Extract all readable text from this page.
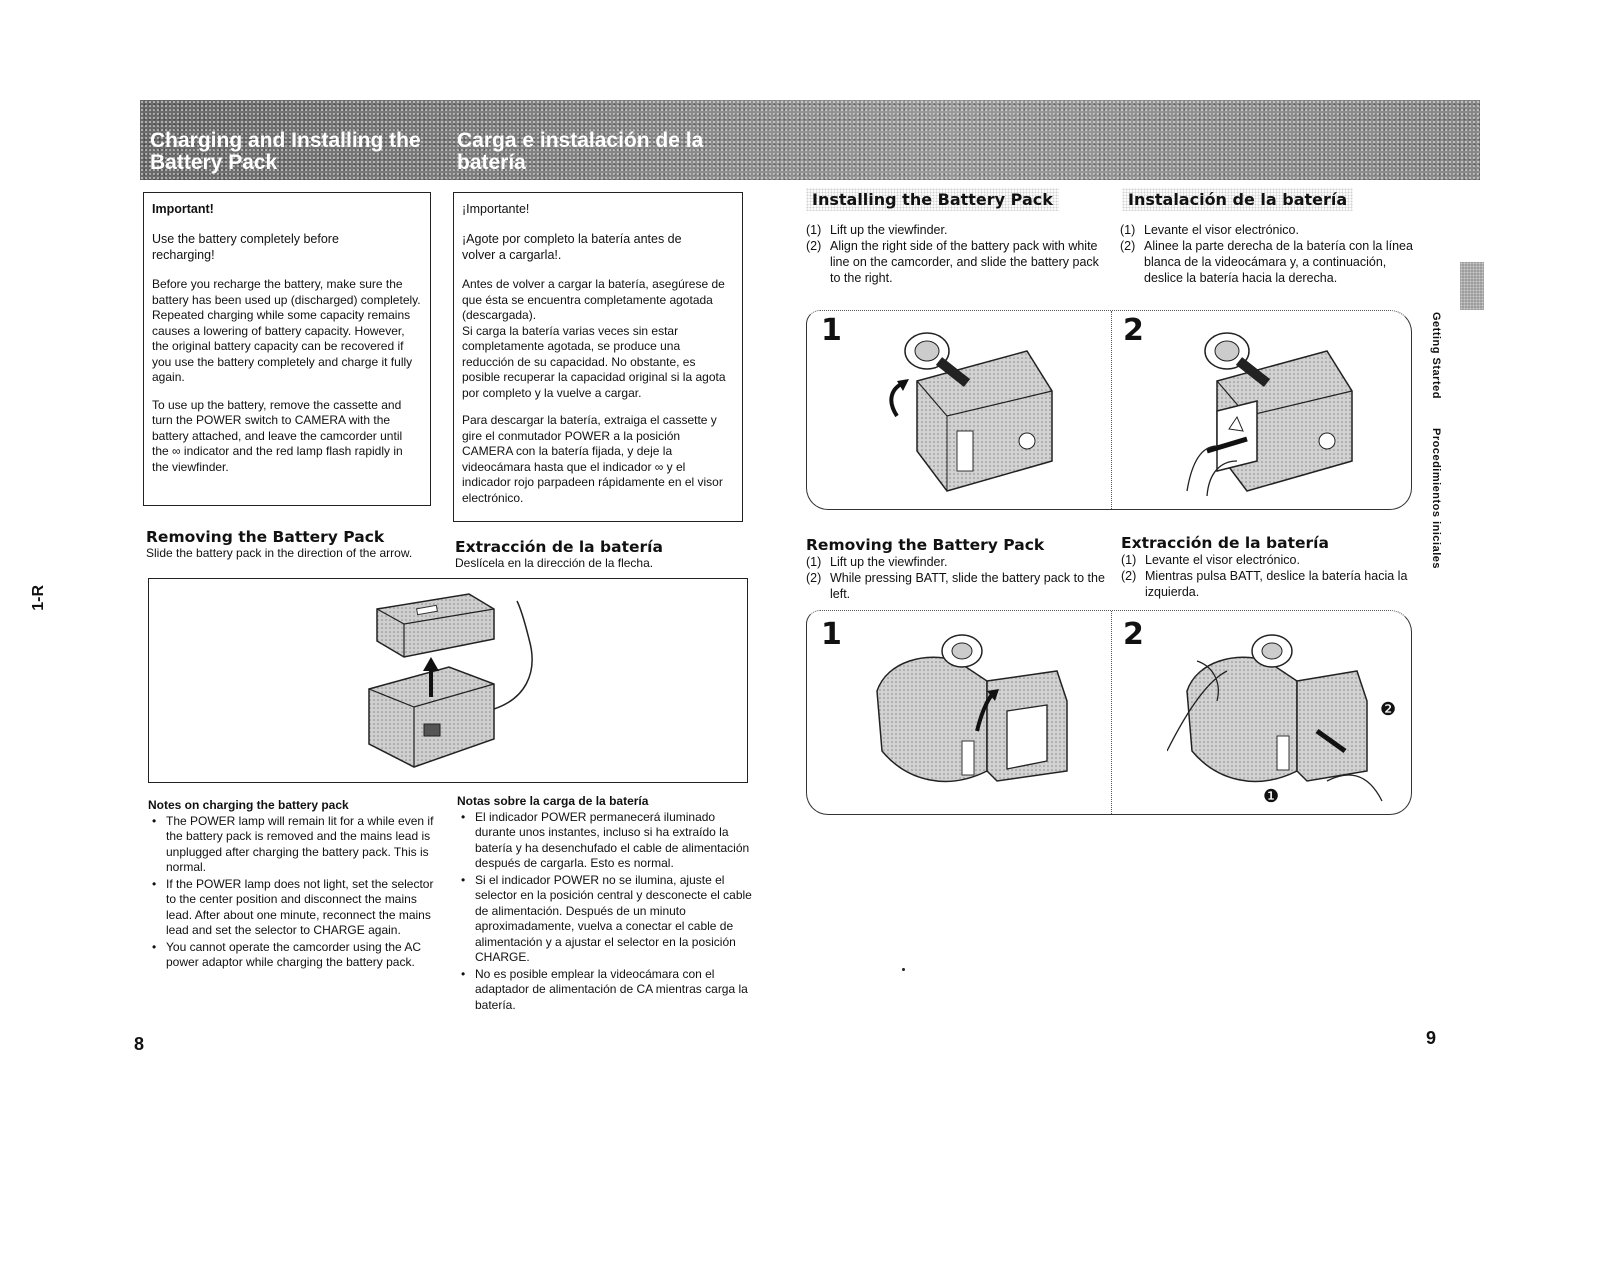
Charging and Installing the
Battery Pack
Carga e instalación de la
batería
1-R

Important!

Use the battery completely before

recharging!

Before you recharge the battery, make sure the battery has been used up (discharged) completely.

Repeated charging while some capacity remains causes a lowering of battery capacity. However, the original battery capacity can be recovered if you use the battery completely and charge it fully again.

To use up the battery, remove the cassette and turn the POWER switch to CAMERA with the battery attached, and leave the camcorder until the ∞ indicator and the red lamp flash rapidly in the viewfinder.

¡Importante!

¡Agote por completo la batería antes de

volver a cargarla!.

Antes de volver a cargar la batería, asegúrese de que ésta se encuentra completamente agotada (descargada).

Si carga la batería varias veces sin estar completamente agotada, se produce una reducción de su capacidad. No obstante, es posible recuperar la capacidad original si la agota por completo y la vuelve a cargar.

Para descargar la batería, extraiga el cassette y gire el conmutador POWER a la posición CAMERA con la batería fijada, y deje la videocámara hasta que el indicador ∞ y el indicador rojo parpadeen rápidamente en el visor electrónico.

Removing the Battery Pack

Slide the battery pack in the direction of the arrow.	Extracción de la batería

Deslícela en la dirección de la flecha.

Notes on charging the battery pack

• The POWER lamp will remain lit for a while even if the battery pack is removed and the mains lead is unplugged after charging the battery pack. This is normal.
• If the POWER lamp does not light, set the selector to the center position and disconnect the mains lead. After about one minute, reconnect the mains lead and set the selector to CHARGE again.
• You cannot operate the camcorder using the AC power adaptor while charging the battery pack.

Notas sobre la carga de la batería

• El indicador POWER permanecerá iluminado durante unos instantes, incluso si ha extraído la batería y ha desenchufado el cable de alimentación después de cargarla. Esto es normal.
• Si el indicador POWER no se ilumina, ajuste el selector en la posición central y desconecte el cable de alimentación. Después de un minuto aproximadamente, vuelva a conectar el cable de alimentación y a ajustar el selector en la posición CHARGE.
• No es posible emplear la videocámara con el adaptador de alimentación de CA mientras carga la batería.
8	9
Installing the Battery Pack	Instalación de la batería
(1) Lift up the viewfinder.
(2) Align the right side of the battery pack with white line on the camcorder, and slide the battery pack to the right.
(1) Levante el visor electrónico.
(2) Alinee la parte derecha de la batería con la línea blanca de la videocámara y, a continuación, deslice la batería hacia la derecha.
1	2
Removing the Battery Pack
(1) Lift up the viewfinder.
(2) While pressing BATT, slide the battery pack to the left.
Extracción de la batería
(1) Levante el visor electrónico.
(2) Mientras pulsa BATT, deslice la batería hacia la izquierda.
1	2
❷
❶
Getting Started
Procedimientos iniciales
